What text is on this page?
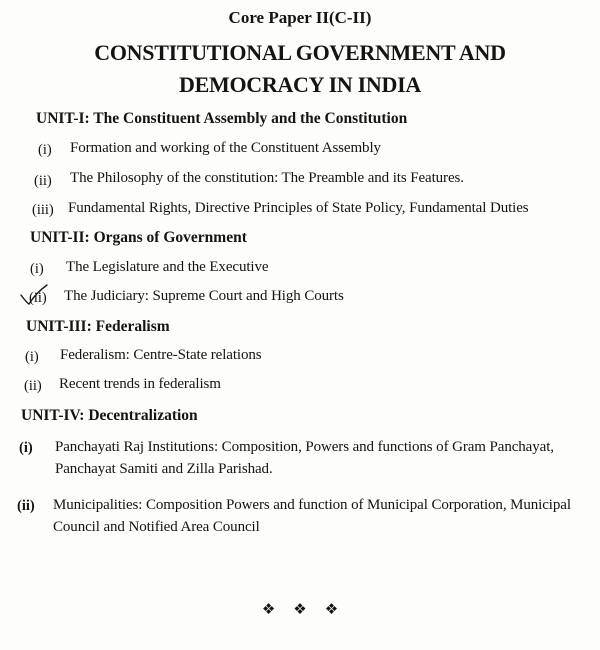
Core Paper II(C-II)
CONSTITUTIONAL GOVERNMENT AND
DEMOCRACY IN INDIA
UNIT-I: The Constituent Assembly and the Constitution
(i) Formation and working of the Constituent Assembly
(ii) The Philosophy of the constitution: The Preamble and its Features.
(iii) Fundamental Rights, Directive Principles of State Policy, Fundamental Duties
UNIT-II: Organs of Government
(i) The Legislature and the Executive
(ii) The Judiciary: Supreme Court and High Courts
UNIT-III: Federalism
(i) Federalism: Centre-State relations
(ii) Recent trends in federalism
UNIT-IV: Decentralization
(i) Panchayati Raj Institutions: Composition, Powers and functions of Gram Panchayat, Panchayat Samiti and Zilla Parishad.
(ii) Municipalities: Composition Powers and function of Municipal Corporation, Municipal Council and Notified Area Council
❖❖❖
